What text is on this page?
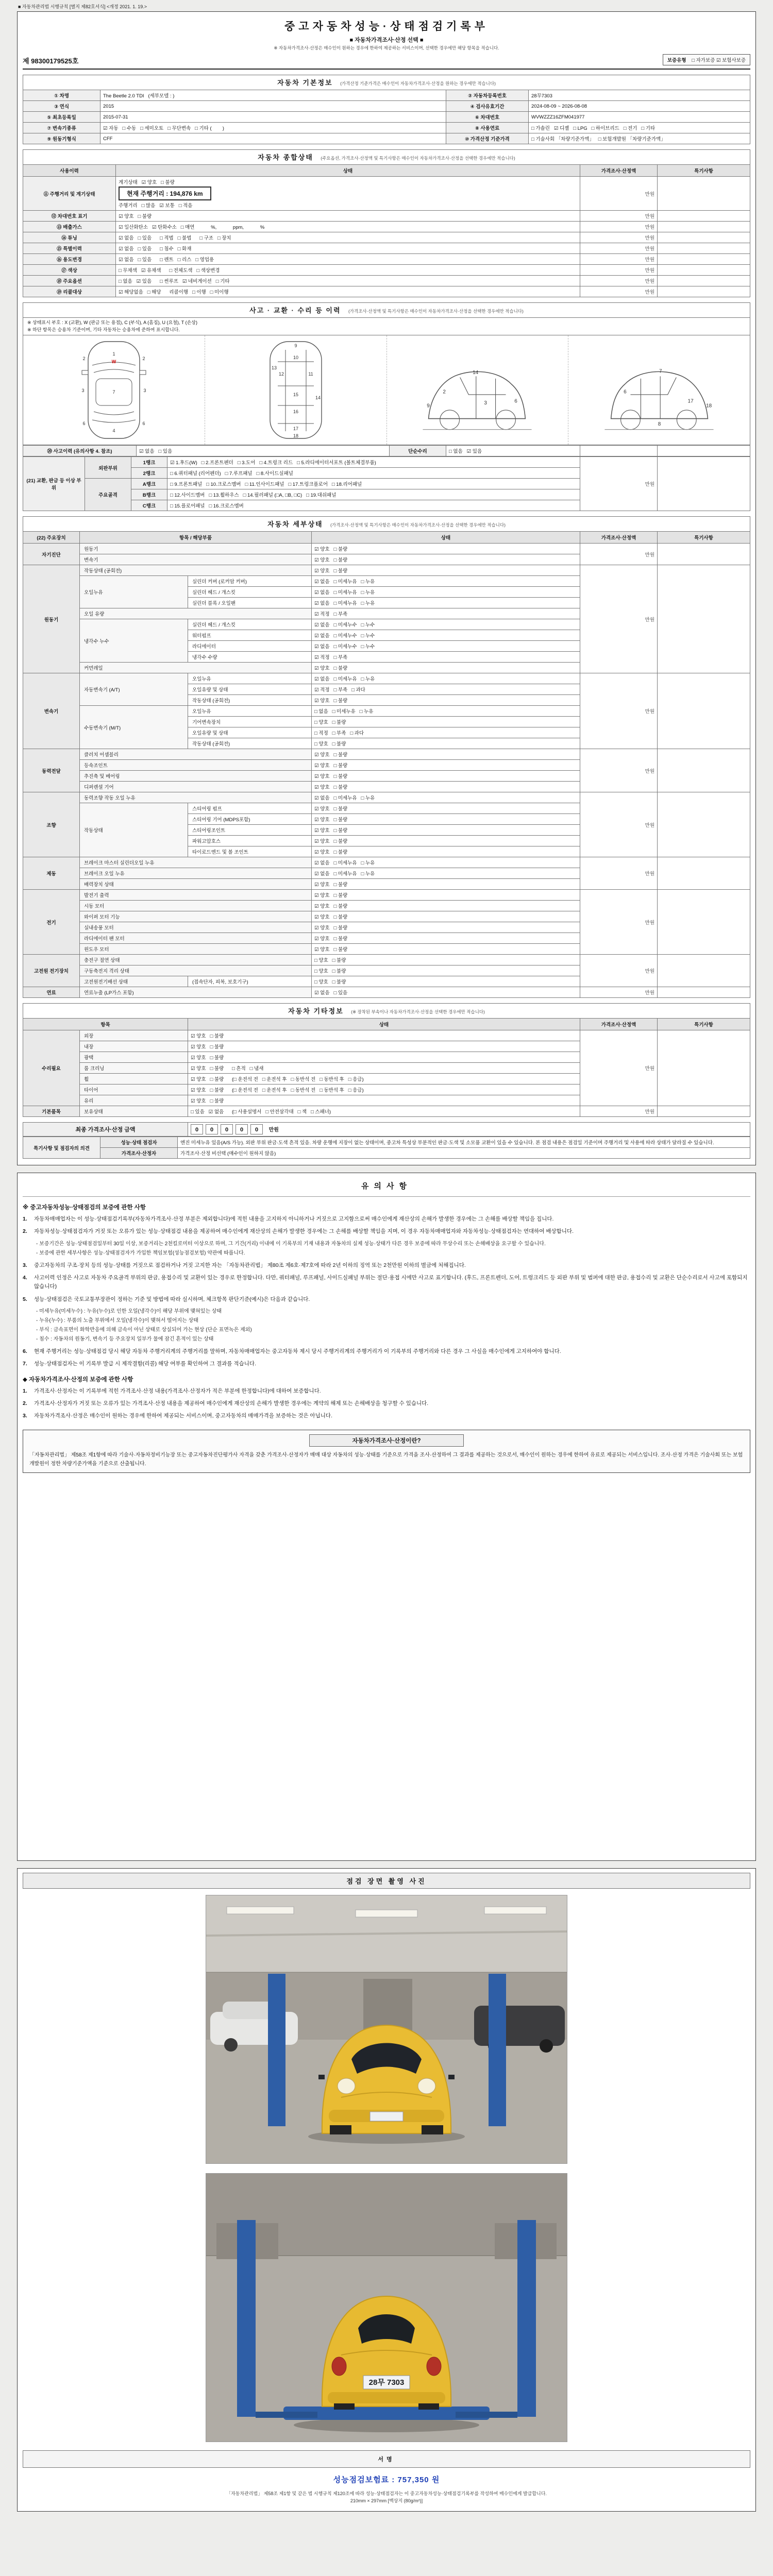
■ 자동차관리법 시행규칙 [별지 제82호서식] <개정 2021. 1. 19.>
중고자동차성능·상태점검기록부
■ 자동차가격조사·산정 선택 ■
※ 자동차가격조사·산정은 매수인이 원하는 경우에 한하여 제공하는 서비스이며, 선택한 경우에만 해당 항목을 적습니다.
제 98300179525호	보증유형 □ 자가보증 ☑ 보험사보증
자동차 기본정보 (가격산정 기준가격은 매수인이 자동차가격조사·산정을 원하는 경우에만 적습니다)
① 차명	The Beetle 2.0 TDI   (세부모델 : )	② 자동차등록번호	28무7303
③ 연식	2015	④ 검사유효기간	2024-08-09 ~ 2026-08-08
⑤ 최초등록일	2015-07-31	⑥ 차대번호	WVWZZZ16ZFM041977
⑦ 변속기종류	☑ 자동   □ 수동   □ 세미오토   □ 무단변속   □ 기타 (        )	⑧ 사용연료	□ 가솔린   ☑ 디젤   □ LPG   □ 하이브리드   □ 전기   □ 기타
⑨ 원동기형식	CFF	⑩ 가격산정 기준가격	□ 기술사회 「차량기준가액」   □ 보험개발원 「차량기준가액」
자동차 종합상태 (주요옵션, 가격조사·산정액 및 특기사항은 매수인이 자동차가격조사·산정을 선택한 경우에만 적습니다)
사용이력	상태	가격조사·산정액	특기사항
⑪ 주행거리 및 계기상태	계기상태   ☑ 양호   □ 불량
현재 주행거리 : 194,876 km
주행거리   □ 많음   ☑ 보통   □ 적음	만원	
⑫ 차대번호 표기	☑ 양호   □ 불량	만원	
⑬ 배출가스	☑ 일산화탄소   ☑ 탄화수소   □ 매연            %,            ppm,            %	만원	
⑭ 튜닝	☑ 없음   □ 있음      □ 적법   □ 불법      □ 구조   □ 장치	만원	
⑮ 특별이력	☑ 없음   □ 있음      □ 침수   □ 화재	만원	
⑯ 용도변경	☑ 없음   □ 있음      □ 렌트   □ 리스   □ 영업용	만원	
⑰ 색상	□ 무채색   ☑ 유채색      □ 전체도색   □ 색상변경	만원	
⑱ 주요옵션	□ 없음   ☑ 있음      □ 썬루프   ☑ 네비게이션   □ 기타	만원	
⑲ 리콜대상	☑ 해당없음   □ 해당      리콜이행   □ 이행   □ 미이행	만원	
사고 · 교환 · 수리 등 이력 (가격조사·산정액 및 특기사항은 매수인이 자동차가격조사·산정을 선택한 경우에만 적습니다)
※ 상태표시 부호 : X (교환), W (판금 또는 용접), C (부식), A (흠집), U (요철), T (손상)
※ 하단 항목은 승용차 기준이며, 기타 자동차는 승용차에 준하여 표시합니다.
1
W
7
4
2	2
3	3
6	6
9
10
12	11
13
14
15
16
17
18
9
2
3
14
6
7
6
18
17
8
⑳ 사고이력 (유의사항 4. 참조)	☑ 없음   □ 있음	단순수리	□ 없음   ☑ 있음		
(21) 교환, 판금 등 이상 부위	외판부위	1랭크	☑ 1.후드(W)   □ 2.프론트펜더   □ 3.도어   □ 4.트렁크 리드   □ 5.라디에이터서포트 (볼트체결부품)	만원	
		2랭크	□ 6.쿼터패널 (리어펜더)   □ 7.루프패널   □ 8.사이드실패널		
	주요골격	A랭크	□ 9.프론트패널   □ 10.크로스멤버   □ 11.인사이드패널   □ 17.트렁크플로어   □ 18.리어패널		
		B랭크	□ 12.사이드멤버   □ 13.휠하우스   □ 14.필러패널 (□A, □B, □C)   □ 19.대쉬패널		
		C랭크	□ 15.플로어패널   □ 16.크로스멤버		
자동차 세부상태 (가격조사·산정액 및 특기사항은 매수인이 자동차가격조사·산정을 선택한 경우에만 적습니다)
(22) 주요장치	항목 / 해당부품		상태	가격조사·산정액	특기사항
자기진단	원동기		☑ 양호   □ 불량	만원	
	변속기		☑ 양호   □ 불량		
원동기	작동상태 (공회전)		☑ 양호   □ 불량	만원	
	오일누유	실린더 커버 (로커암 커버)	☑ 없음   □ 미세누유   □ 누유		
		실린더 헤드 / 개스킷	☑ 없음   □ 미세누유   □ 누유		
		실린더 블록 / 오일팬	☑ 없음   □ 미세누유   □ 누유		
	오일 유량		☑ 적정   □ 부족		
	냉각수 누수	실린더 헤드 / 개스킷	☑ 없음   □ 미세누수   □ 누수		
		워터펌프	☑ 없음   □ 미세누수   □ 누수		
		라디에이터	☑ 없음   □ 미세누수   □ 누수		
		냉각수 수량	☑ 적정   □ 부족		
	커먼레일		☑ 양호   □ 불량		
변속기	자동변속기 (A/T)	오일누유	☑ 없음   □ 미세누유   □ 누유	만원	
		오일유량 및 상태	☑ 적정   □ 부족   □ 과다		
		작동상태 (공회전)	☑ 양호   □ 불량		
	수동변속기 (M/T)	오일누유	□ 없음   □ 미세누유   □ 누유		
		기어변속장치	□ 양호   □ 불량		
		오일유량 및 상태	□ 적정   □ 부족   □ 과다		
		작동상태 (공회전)	□ 양호   □ 불량		
동력전달	클러치 어셈블리		☑ 양호   □ 불량	만원	
	등속조인트		☑ 양호   □ 불량		
	추진축 및 베어링		☑ 양호   □ 불량		
	디퍼렌셜 기어		☑ 양호   □ 불량		
조향	동력조향 작동 오일 누유		☑ 없음   □ 미세누유   □ 누유	만원	
	작동상태	스티어링 펌프	☑ 양호   □ 불량		
		스티어링 기어 (MDPS포함)	☑ 양호   □ 불량		
		스티어링조인트	☑ 양호   □ 불량		
		파워고압호스	☑ 양호   □ 불량		
		타이로드엔드 및 볼 조인트	☑ 양호   □ 불량		
제동	브레이크 마스터 실린더오일 누유		☑ 없음   □ 미세누유   □ 누유	만원	
	브레이크 오일 누유		☑ 없음   □ 미세누유   □ 누유		
	배력장치 상태		☑ 양호   □ 불량		
전기	발전기 출력		☑ 양호   □ 불량	만원	
	시동 모터		☑ 양호   □ 불량		
	와이퍼 모터 기능		☑ 양호   □ 불량		
	실내송풍 모터		☑ 양호   □ 불량		
	라디에이터 팬 모터		☑ 양호   □ 불량		
	윈도우 모터		☑ 양호   □ 불량		
고전원 전기장치	충전구 절연 상태		□ 양호   □ 불량	만원	
	구동축전지 격리 상태		□ 양호   □ 불량		
	고전원전기배선 상태	(접속단자, 피복, 보호기구)	□ 양호   □ 불량		
연료	연료누출 (LP가스 포함)		☑ 없음   □ 있음	만원	
자동차 기타정보 (※ 장착된 부속이나 자동차가격조사·산정을 선택한 경우에만 적습니다)
항목		상태	가격조사·산정액	특기사항
수리필요	외장	☑ 양호   □ 불량	만원	
	내장	☑ 양호   □ 불량		
	광택	☑ 양호   □ 불량		
	룸 크리닝	☑ 양호   □ 불량      □ 흔적   □ 냄새		
	휠	☑ 양호   □ 불량      (□ 운전석 전   □ 운전석 후   □ 동반석 전   □ 동반석 후   □ 응급)		
	타이어	☑ 양호   □ 불량      (□ 운전석 전   □ 운전석 후   □ 동반석 전   □ 동반석 후   □ 응급)		
	유리	☑ 양호   □ 불량		
기본품목	보유상태	□ 있음   ☑ 없음      (□ 사용설명서   □ 안전삼각대   □ 잭   □ 스패너)	만원	
최종 가격조사·산정 금액	0 0 0 0 0 만원
특기사항 및 점검자의 의견	성능·상태 점검자	엔진 미세누유 있음(A/S 가능). 외판 부위 판금·도색 흔적 있음. 차량 운행에 지장이 없는 상태이며, 중고차 특성상 부분적인 판금·도색 및 소모품 교환이 있을 수 있습니다. 본 점검 내용은 점검일 기준이며 주행거리 및 사용에 따라 상태가 달라질 수 있습니다.
	가격조사·산정자	가격조사·산정 비선택 (매수인이 원하지 않음)
유의사항
※ 중고자동차성능·상태점검의 보증에 관한 사항
1.	자동차매매업자는 이 성능·상태점검기록부(자동차가격조사·산정 부분은 제외합니다)에 적힌 내용을 고지하지 아니하거나 거짓으로 고지함으로써 매수인에게 재산상의 손해가 발생한 경우에는 그 손해를 배상할 책임을 집니다.
2.	자동차성능·상태점검자가 거짓 또는 오류가 있는 성능·상태점검 내용을 제공하여 매수인에게 재산상의 손해가 발생한 경우에는 그 손해를 배상할 책임을 지며, 이 경우 자동차매매업자와 자동차성능·상태점검자는 연대하여 배상합니다.
- 보증기간은 성능·상태점검일부터 30일 이상, 보증거리는 2천킬로미터 이상으로 하며, 그 기간(거리) 이내에 이 기록부의 기재 내용과 자동차의 실제 성능·상태가 다른 경우 보증에 따라 무상수리 또는 손해배상을 요구할 수 있습니다.
- 보증에 관한 세부사항은 성능·상태점검자가 가입한 책임보험(성능점검보험) 약관에 따릅니다.
3.	중고자동차의 구조·장치 등의 성능·상태를 거짓으로 점검하거나 거짓 고지한 자는 「자동차관리법」 제80조 제6호·제7호에 따라 2년 이하의 징역 또는 2천만원 이하의 벌금에 처해집니다.
4.	사고이력 인정은 사고로 자동차 주요골격 부위의 판금, 용접수리 및 교환이 있는 경우로 한정합니다. 다만, 쿼터패널, 루프패널, 사이드실패널 부위는 절단·용접 시에만 사고로 표기합니다. (후드, 프론트펜더, 도어, 트렁크리드 등 외판 부위 및 범퍼에 대한 판금, 용접수리 및 교환은 단순수리로서 사고에 포함되지 않습니다)
5.	성능·상태점검은 국토교통부장관이 정하는 기준 및 방법에 따라 실시하며, 체크항목 판단기준(예시)은 다음과 같습니다.
- 미세누유(미세누수) : 누유(누수)로 인한 오일(냉각수)이 해당 부위에 맺혀있는 상태
- 누유(누수) : 부품의 노출 부위에서 오일(냉각수)이 맺혀서 떨어지는 상태
- 부식 : 금속표면이 화학반응에 의해 금속이 아닌 상태로 상실되어 가는 현상 (단순 표면녹은 제외)
- 침수 : 자동차의 원동기, 변속기 등 주요장치 일부가 물에 잠긴 흔적이 있는 상태
6.	현재 주행거리는 성능·상태점검 당시 해당 자동차 주행거리계의 주행거리를 말하며, 자동차매매업자는 중고자동차 제시 당시 주행거리계의 주행거리가 이 기록부의 주행거리와 다른 경우 그 사실을 매수인에게 고지하여야 합니다.
7.	성능·상태점검자는 이 기록부 발급 시 제작결함(리콜) 해당 여부를 확인하여 그 결과를 적습니다.
◆ 자동차가격조사·산정의 보증에 관한 사항
1.	가격조사·산정자는 이 기록부에 적힌 가격조사·산정 내용(가격조사·산정자가 적은 부분에 한정합니다)에 대하여 보증합니다.
2.	가격조사·산정자가 거짓 또는 오류가 있는 가격조사·산정 내용을 제공하여 매수인에게 재산상의 손해가 발생한 경우에는 계약의 해제 또는 손해배상을 청구할 수 있습니다.
3.	자동차가격조사·산정은 매수인이 원하는 경우에 한하여 제공되는 서비스이며, 중고자동차의 매매가격을 보증하는 것은 아닙니다.
자동차가격조사·산정이란?
「자동차관리법」 제58조 제1항에 따라 기술사·자동차정비기능장 또는 중고자동차진단평가사 자격을 갖춘 가격조사·산정자가 매매 대상 자동차의 성능·상태를 기준으로 가격을 조사·산정하여 그 결과를 제공하는 것으로서, 매수인이 원하는 경우에 한하여 유료로 제공되는 서비스입니다. 조사·산정 가격은 기술사회 또는 보험개발원이 정한 차량기준가액을 기준으로 산출됩니다.
점검 장면 촬영 사진
28무 7303
서명
성능점검보험료 : 757,350 원
「자동차관리법」 제58조 제1항 및 같은 법 시행규칙 제120조에 따라 성능·상태점검자는 이 중고자동차성능·상태점검기록부를 작성하여 매수인에게 발급합니다.
210mm × 297mm [백상지 (80g/m²)]
